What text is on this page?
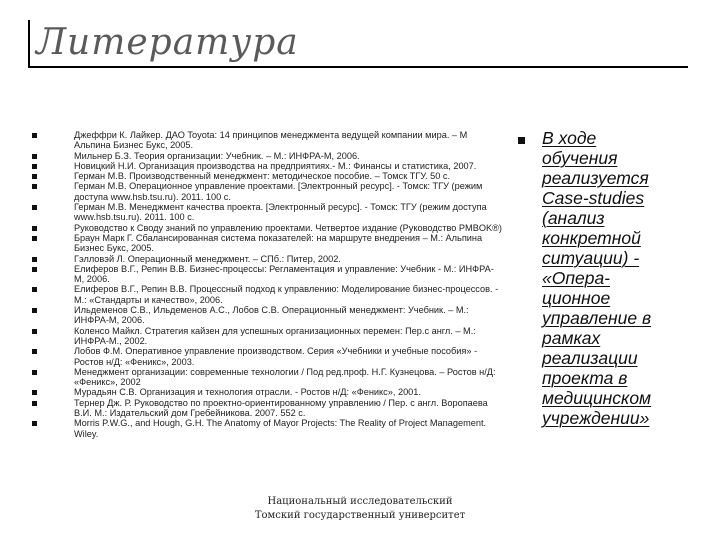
Литература
Джеффри К. Лайкер. ДАО Toyota: 14 принципов менеджмента ведущей компании мира. – М Альпина Бизнес Букс, 2005.
Мильнер Б.З. Теория организации: Учебник. – М.: ИНФРА-М, 2006.
Новицкий Н.И. Организация производства на предприятиях.- М.: Финансы и статистика, 2007.
Герман М.В. Производственный менеджмент: методическое пособие. – Томск ТГУ. 50 с.
Герман М.В. Операционное управление проектами. [Электронный ресурс]. - Томск: ТГУ (режим доступа www.hsb.tsu.ru). 2011. 100 с.
Герман М.В. Менеджмент качества проекта. [Электронный ресурс]. - Томск: ТГУ (режим доступа www.hsb.tsu.ru). 2011. 100 с.
Руководство к Своду знаний по управлению проектами. Четвертое издание (Руководство PMBOK®)
Браун Марк Г. Сбалансированная система показателей: на маршруте внедрения – М.: Альпина Бизнес Букс, 2005.
Гэлловэй Л. Операционный менеджмент. – СПб.: Питер, 2002.
Елиферов В.Г., Репин В.В. Бизнес-процессы: Регламентация и управление: Учебник - М.: ИНФРА-М, 2006.
Елиферов В.Г., Репин В.В. Процессный подход к управлению: Моделирование бизнес-процессов. - М.: «Стандарты и качество», 2006.
Ильдеменов С.В., Ильдеменов А.С., Лобов С.В. Операционный менеджмент: Учебник. – М.: ИНФРА-М, 2006.
Коленсо Майкл. Стратегия кайзен для успешных организационных перемен: Пер.с англ. – М.: ИНФРА-М., 2002.
Лобов Ф.М. Оперативное управление производством. Серия «Учебники и учебные пособия» - Ростов н/Д: «Феникс», 2003.
Менеджмент организации: современные технологии / Под ред.проф. Н.Г. Кузнецова. – Ростов н/Д: «Феникс», 2002
Мурадьян С.В. Организация и технология отрасли. - Ростов н/Д: «Феникс», 2001.
Тернер Дж. Р. Руководство по проектно-ориентированному управлению / Пер. с англ. Воропаева В.И. М.: Издательский дом Гребейникова. 2007. 552 с.
Morris P.W.G., and Hough, G.H. The Anatomy of Mayor Projects: The Reality of Project Management. Wiley.

В ходе
обучения
реализуется
Case-studies
(анализ
конкретной
ситуации) -
«Опера-
ционное
управление в
рамках
реализации
проекта в
медицинском
учреждении»

Национальный исследовательский
Томский государственный университет
